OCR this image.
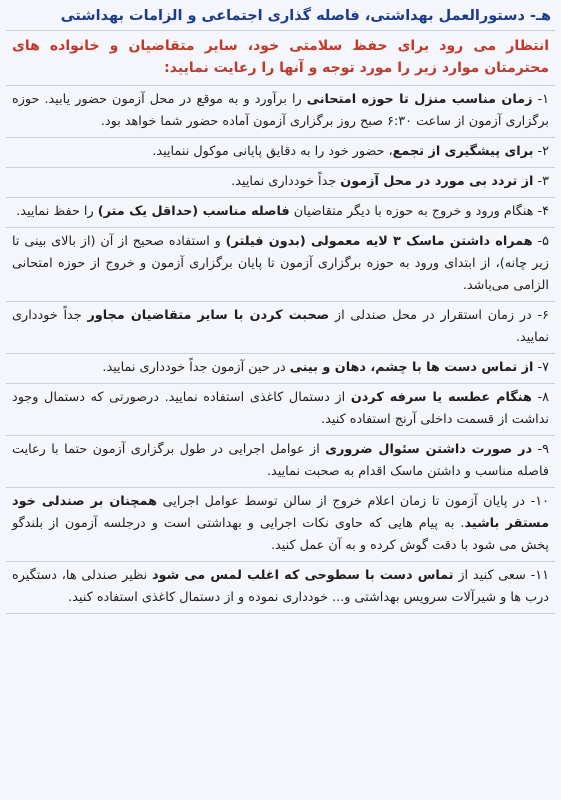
هـ- دستورالعمل بهداشتی، فاصله گذاری اجتماعی و الزامات بهداشتی
انتظار می رود برای حفظ سلامتی خود، سایر متقاضیان و خانواده های محترمتان موارد زیر را مورد توجه و آنها را رعایت نمایید:
۱- زمان مناسب منزل تا حوزه امتحانی را برآورد و به موقع در محل آزمون حضور یابید. حوزه برگزاری آزمون از ساعت ۶:۳۰ صبح روز برگزاری آزمون آماده حضور شما خواهد بود.
۲- برای پیشگیری از تجمع، حضور خود را به دقایق پایانی موکول ننمایید.
۳- از تردد بی مورد در محل آزمون جداً خودداری نمایید.
۴- هنگام ورود و خروج به حوزه با دیگر متقاضیان فاصله مناسب (حداقل یک متر) را حفظ نمایید.
۵- همراه داشتن ماسک ۳ لایه معمولی (بدون فیلتر) و استفاده صحیح از آن (از بالای بینی تا زیر چانه)، از ابتدای ورود به حوزه برگزاری آزمون تا پایان برگزاری آزمون و خروج از حوزه امتحانی الزامی می‌باشد.
۶- در زمان استقرار در محل صندلی از صحبت کردن با سایر متقاضیان مجاور جداً خودداری نمایید.
۷- از تماس دست ها با چشم، دهان و بینی در حین آزمون جداً خودداری نمایید.
۸- هنگام عطسه یا سرفه کردن از دستمال کاغذی استفاده نمایید. درصورتی که دستمال وجود نداشت از قسمت داخلی آرنج استفاده کنید.
۹- در صورت داشتن سئوال ضروری از عوامل اجرایی در طول برگزاری آزمون حتما با رعایت فاصله مناسب و داشتن ماسک اقدام به صحبت نمایید.
۱۰- در پایان آزمون تا زمان اعلام خروج از سالن توسط عوامل اجرایی همچنان بر صندلی خود مستقر باشید. به پیام هایی که حاوی نکات اجرایی و بهداشتی است و درجلسه آزمون از بلندگو پخش می شود با دقت گوش کرده و به آن عمل کنید.
۱۱- سعی کنید از تماس دست با سطوحی که اغلب لمس می شود نظیر صندلی ها، دستگیره درب ها و شیرآلات سرویس بهداشتی و... خودداری نموده و از دستمال کاغذی استفاده کنید.
